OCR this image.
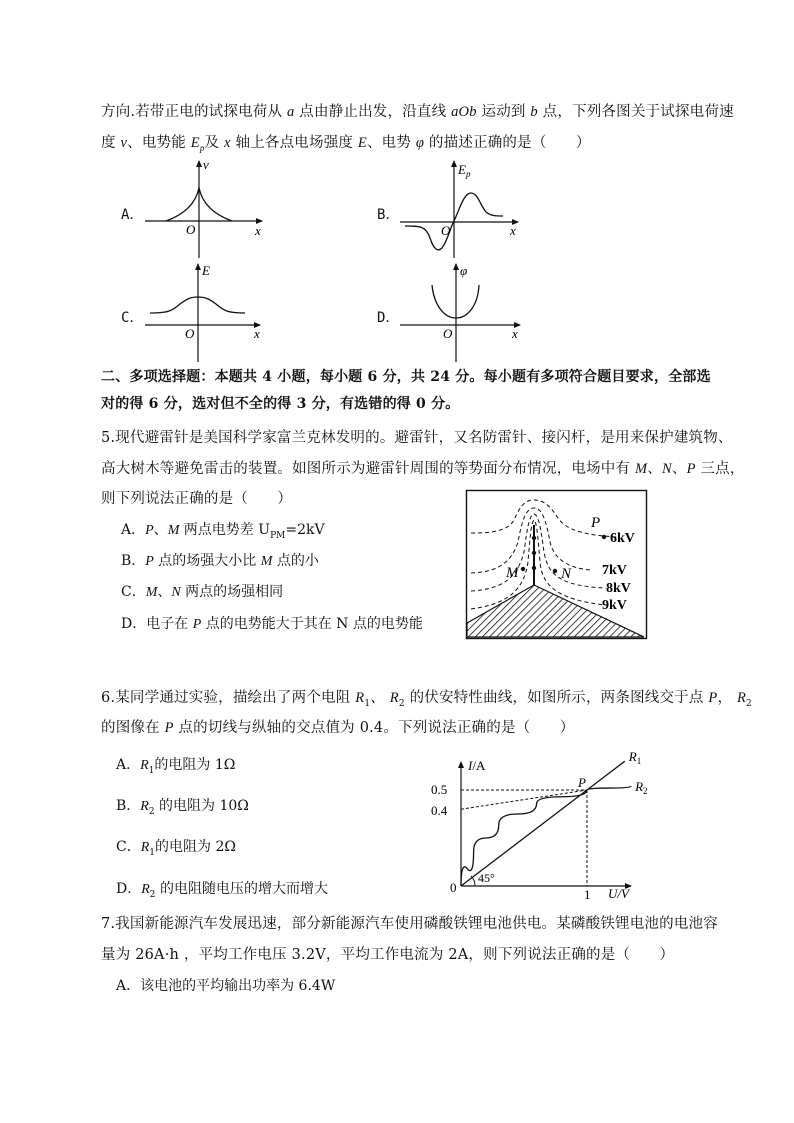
方向.若带正电的试探电荷从 a 点由静止出发，沿直线 aOb 运动到 b 点，下列各图关于试探电荷速
度 v、电势能 $E_p$及 x 轴上各点电场强度 E、电势 φ 的描述正确的是（　　）
A．	B．
C．	D．
v
O	x
$E_p$
O	x
E
O	x
φ
O	x
二、多项选择题：本题共 4 小题，每小题 6 分，共 24 分。每小题有多项符合题目要求，全部选
对的得 6 分，选对但不全的得 3 分，有选错的得 0 分。
5.现代避雷针是美国科学家富兰克林发明的。避雷针，又名防雷针、接闪杆，是用来保护建筑物、
高大树木等避免雷击的装置。如图所示为避雷针周围的等势面分布情况，电场中有 M、N、P 三点，
则下列说法正确的是（　　）
A．P、M 两点电势差 $U_{PM}=2kV$
B．P 点的场强大小比 M 点的小
C．M、N 两点的场强相同
D．电子在 P 点的电势能大于其在 N 点的电势能
P
M	N
6kV
7kV
8kV
9kV
6.某同学通过实验，描绘出了两个电阻 $R_1$、 $R_2$ 的伏安特性曲线，如图所示，两条图线交于点 P， $R_2$
的图像在 P 点的切线与纵轴的交点值为 0.4。下列说法正确的是（　　）
A．$R_1$的电阻为 1Ω
B．$R_2$ 的电阻为 10Ω
C．$R_1$的电阻为 2Ω
D．$R_2$ 的电阻随电压的增大而增大
$R_1$
$R_2$
0.4
0.5
1
P
I/A
U/V
0
45°
7.我国新能源汽车发展迅速，部分新能源汽车使用磷酸铁锂电池供电。某磷酸铁锂电池的电池容
量为 26A·h ，平均工作电压 3.2V，平均工作电流为 2A，则下列说法正确的是（　　）
A．该电池的平均输出功率为 6.4W
